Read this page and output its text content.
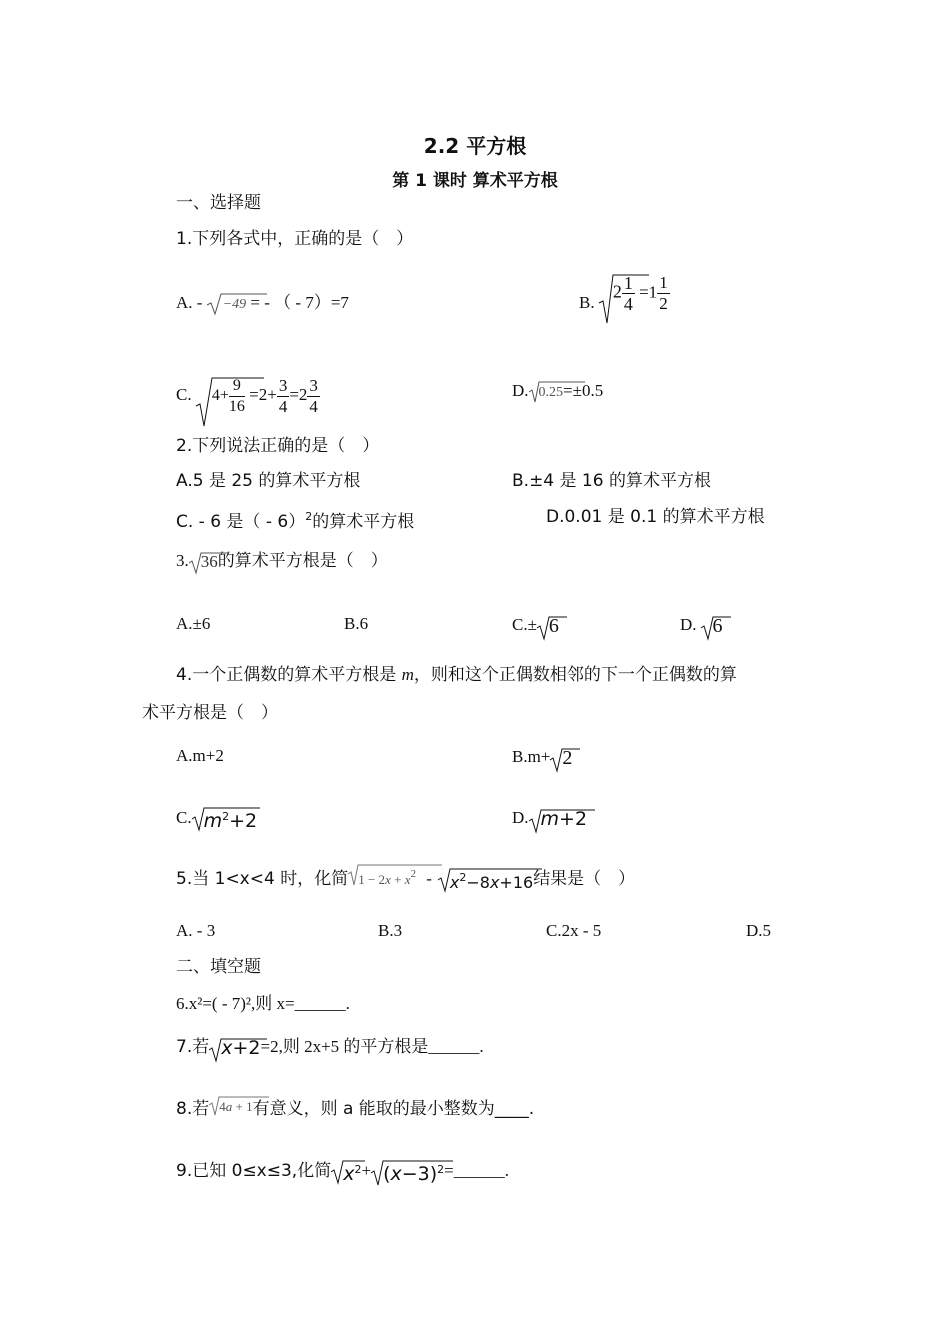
2.2 平方根
第 1 课时 算术平方根
一、选择题
1.下列各式中，正确的是（　）
A. -
−49 = - （ - 7）=7	B.
$2 \frac{1}{4} =1 \frac{1}{2}$
C. $4+ \frac{9}{16} =2+ \frac{3}{4} =2 \frac{3}{4}$	D. 0.25=±0.5
2.下列说法正确的是（　）
A.5 是 25 的算术平方根	B.±4 是 16 的算术平方根
C. - 6 是（ - 6）$^2$的算术平方根	D.0.01 是 0.1 的算术平方根
3. 36的算术平方根是（　）
A.±6	B.6	C.± 6	D. 6
4.一个正偶数的算术平方根是 m，则和这个正偶数相邻的下一个正偶数的算
术平方根是（　）
A.m+2	B.m+ 2
C. $m^2+2$	D. m+2
5.当 1<x<4 时，化简 $1 - 2x + x^2 - x^2-8x+16$结果是（　）
A. - 3	B.3	C.2x - 5	D.5
二、填空题
6.x²=( - 7)²,则 x=______.
7.若 x+2=2,则 2x+5 的平方根是______.
8.若 4a + 1有意义，则 a 能取的最小整数为____.
9.已知 0≤x≤3,化简 $x^2+$ $(x-3)^2=\_\_\_\_\_\_$.
